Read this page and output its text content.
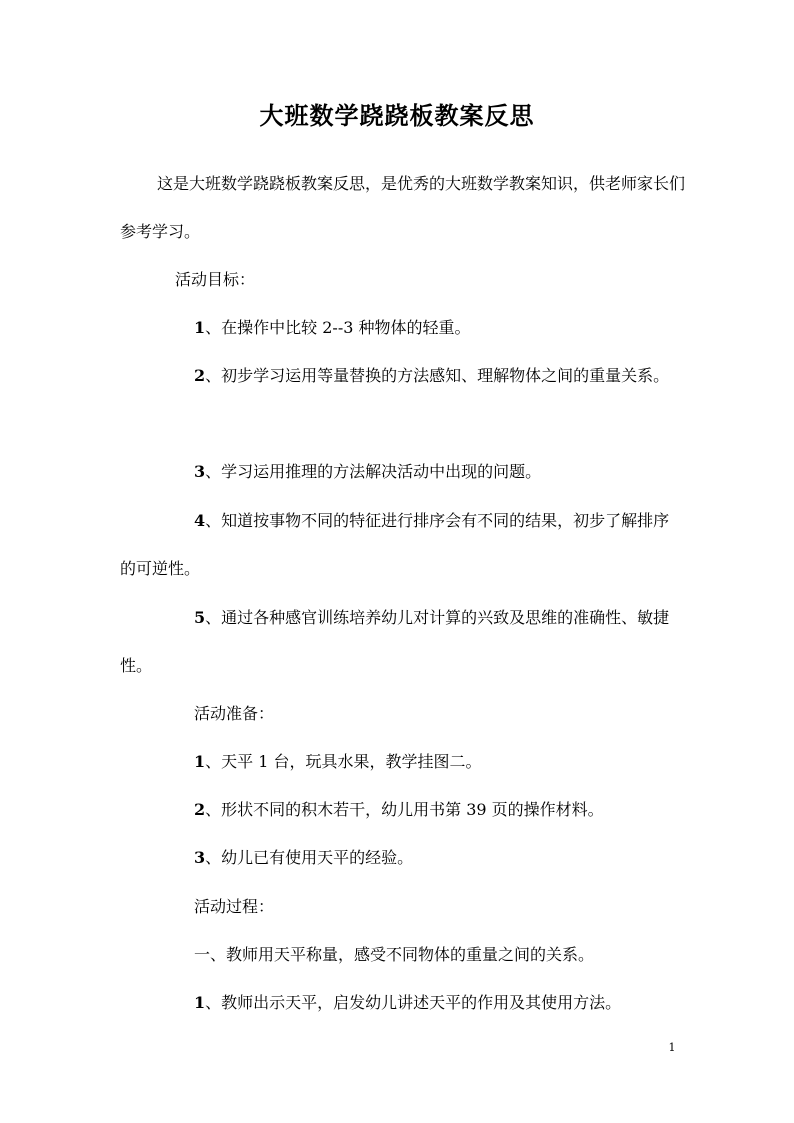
大班数学跷跷板教案反思

这是大班数学跷跷板教案反思，是优秀的大班数学教案知识，供老师家长们参考学习。

活动目标：

1、在操作中比较 2--3 种物体的轻重。

2、初步学习运用等量替换的方法感知、理解物体之间的重量关系。

3、学习运用推理的方法解决活动中出现的问题。

4、知道按事物不同的特征进行排序会有不同的结果，初步了解排序的可逆性。

5、通过各种感官训练培养幼儿对计算的兴致及思维的准确性、敏捷性。

活动准备：

1、天平 1 台，玩具水果，教学挂图二。

2、形状不同的积木若干，幼儿用书第 39 页的操作材料。

3、幼儿已有使用天平的经验。

活动过程：

一、教师用天平称量，感受不同物体的重量之间的关系。

1、教师出示天平，启发幼儿讲述天平的作用及其使用方法。

1
